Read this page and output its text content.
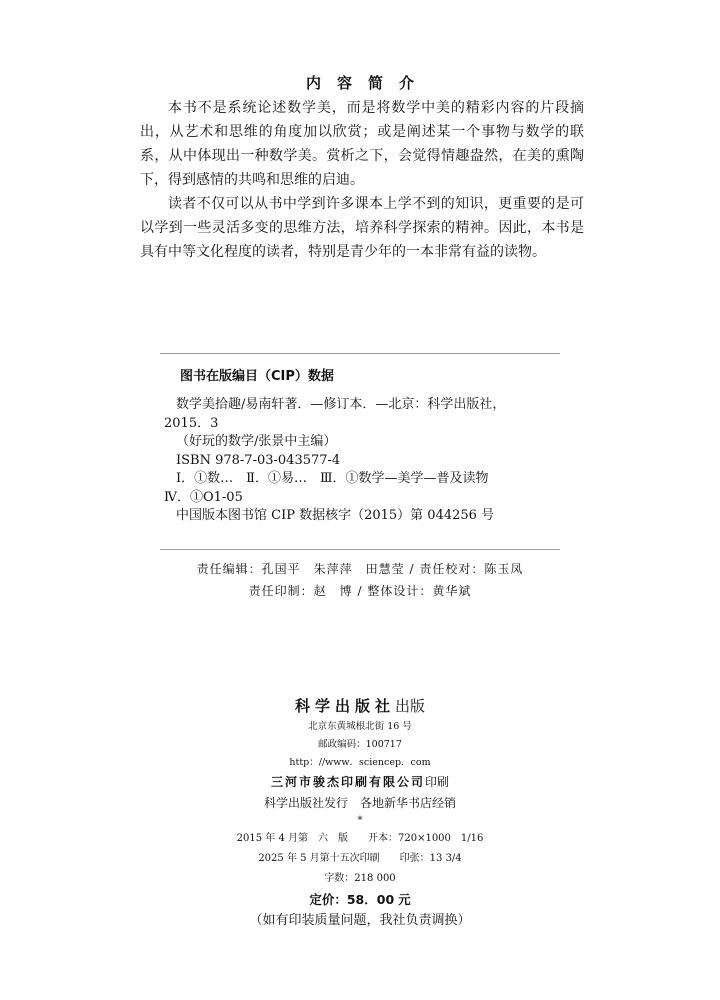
内容简介

本书不是系统论述数学美，而是将数学中美的精彩内容的片段摘出，从艺术和思维的角度加以欣赏；或是阐述某一个事物与数学的联系，从中体现出一种数学美。赏析之下，会觉得情趣盎然，在美的熏陶下，得到感情的共鸣和思维的启迪。

读者不仅可以从书中学到许多课本上学不到的知识，更重要的是可以学到一些灵活多变的思维方法，培养科学探索的精神。因此，本书是具有中等文化程度的读者，特别是青少年的一本非常有益的读物。

图书在版编目（CIP）数据
数学美拾趣/易南轩著．—修订本．—北京：科学出版社，
2015．3
（好玩的数学/张景中主编）
ISBN 978-7-03-043577-4
Ⅰ．①数…　Ⅱ．①易…　Ⅲ．①数学—美学—普及读物
Ⅳ．①O1-05
中国版本图书馆 CIP 数据核字（2015）第 044256 号
责任编辑：孔国平　朱萍萍　田慧莹 / 责任校对：陈玉凤
责任印制：赵　博 / 整体设计：黄华斌
科学出版社出版
北京东黄城根北街 16 号
邮政编码：100717
http：//www．sciencep．com
三河市骏杰印刷有限公司印刷
科学出版社发行　各地新华书店经销
*
2015 年 4 月第　六　版　　开本：720×1000　1/16
2025 年 5 月第十五次印刷　　印张：13 3/4
字数：218 000
定价：58．00 元
（如有印装质量问题，我社负责调换）
